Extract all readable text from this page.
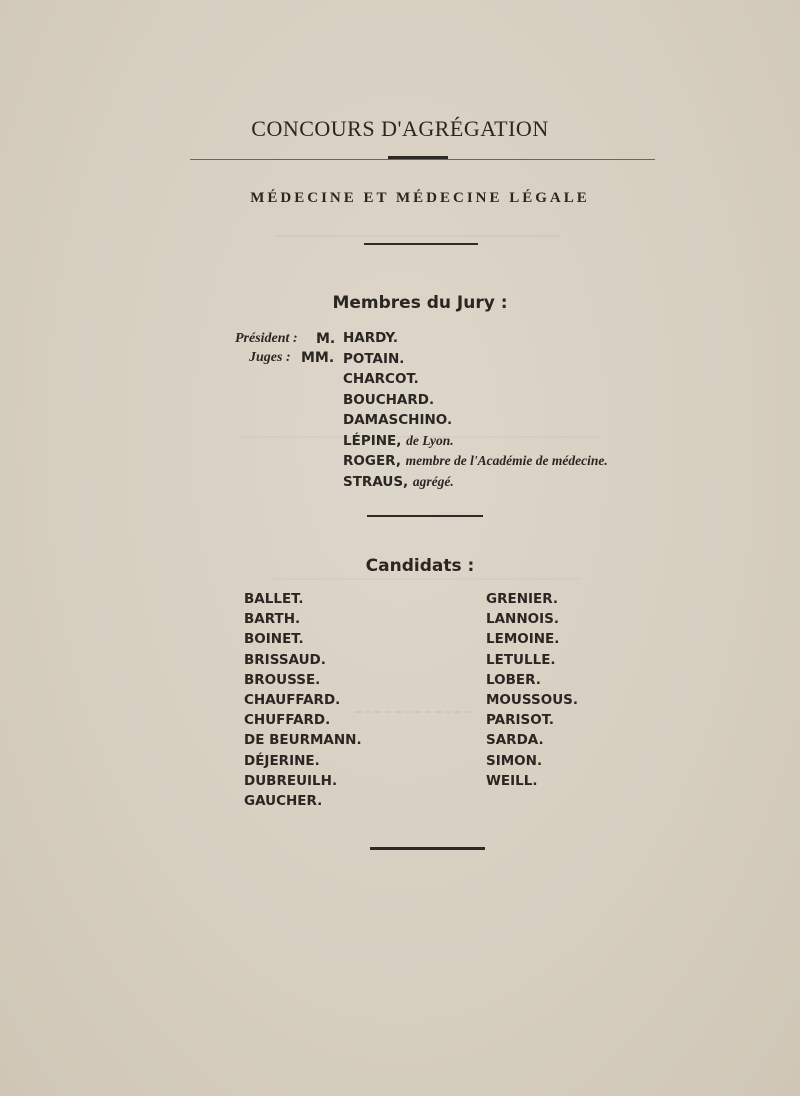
CONCOURS D'AGRÉGATION
MÉDECINE ET MÉDECINE LÉGALE
Membres du Jury :
Président : M.
Juges : MM.
HARDY.
POTAIN.
CHARCOT.
BOUCHARD.
DAMASCHINO.
LÉPINE, de Lyon.
ROGER, membre de l'Académie de médecine.
STRAUS, agrégé.
Candidats :
BALLET.
BARTH.
BOINET.
BRISSAUD.
BROUSSE.
CHAUFFARD.
CHUFFARD.
DE BEURMANN.
DÉJERINE.
DUBREUILH.
GAUCHER.
GRENIER.
LANNOIS.
LEMOINE.
LETULLE.
LOBER.
MOUSSOUS.
PARISOT.
SARDA.
SIMON.
WEILL.
